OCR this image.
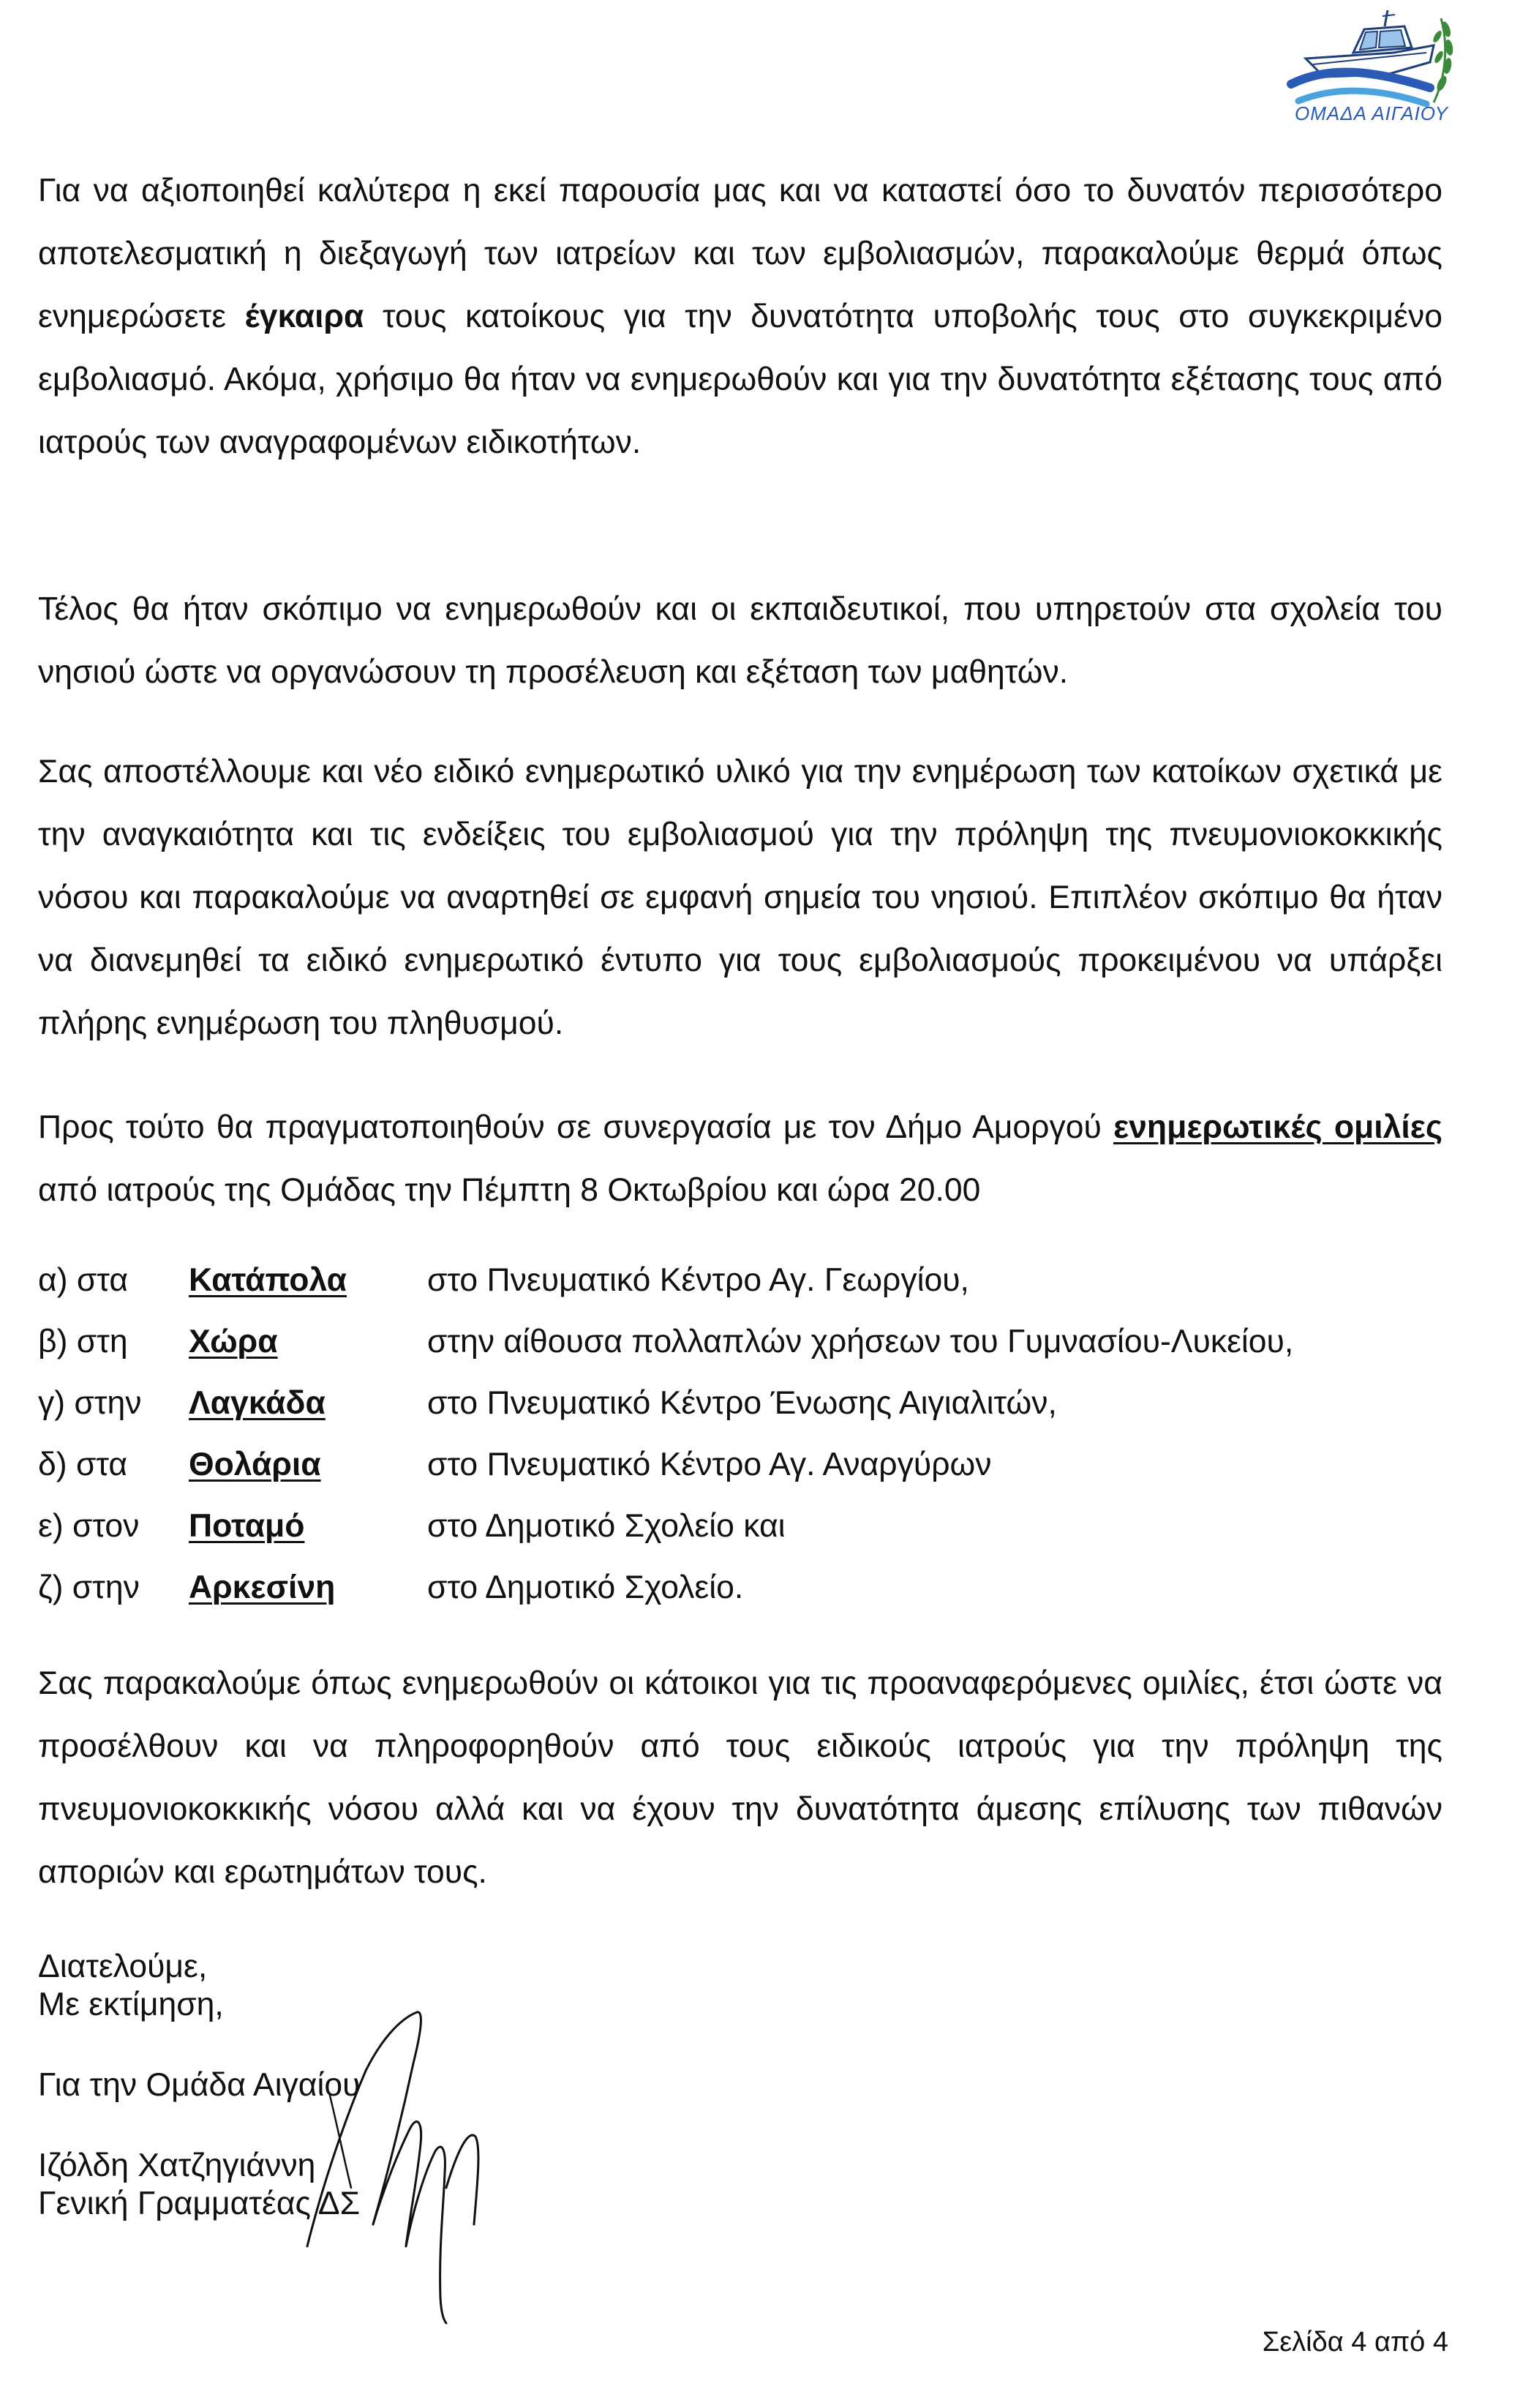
ΟΜΑΔΑ ΑΙΓΑΙΟΥ

Για να αξιοποιηθεί καλύτερα η εκεί παρουσία μας και να καταστεί όσο το δυνατόν περισσότερο αποτελεσματική η διεξαγωγή των ιατρείων και των εμβολιασμών, παρακαλούμε θερμά όπως ενημερώσετε έγκαιρα τους κατοίκους για την δυνατότητα υποβολής τους στο συγκεκριμένο εμβολιασμό. Ακόμα, χρήσιμο θα ήταν να ενημερωθούν και για την δυνατότητα εξέτασης τους από ιατρούς των αναγραφομένων ειδικοτήτων.

Τέλος θα ήταν σκόπιμο να ενημερωθούν και οι εκπαιδευτικοί, που υπηρετούν στα σχολεία του νησιού ώστε να οργανώσουν τη προσέλευση και εξέταση των μαθητών.

Σας αποστέλλουμε και νέο ειδικό ενημερωτικό υλικό για την ενημέρωση των κατοίκων σχετικά με την αναγκαιότητα και τις ενδείξεις του εμβολιασμού για την πρόληψη της πνευμονιοκοκκικής νόσου και παρακαλούμε να αναρτηθεί σε εμφανή σημεία του νησιού. Επιπλέον σκόπιμο θα ήταν να διανεμηθεί τα ειδικό ενημερωτικό έντυπο για τους εμβολιασμούς προκειμένου να υπάρξει πλήρης ενημέρωση του πληθυσμού.

Προς τούτο θα πραγματοποιηθούν σε συνεργασία με τον Δήμο Αμοργού ενημερωτικές ομιλίες από ιατρούς της Ομάδας την Πέμπτη 8 Οκτωβρίου και ώρα 20.00

α) στα Κατάπολα στο Πνευματικό Κέντρο Αγ. Γεωργίου,
β) στη Χώρα	στην αίθουσα πολλαπλών χρήσεων του Γυμνασίου-Λυκείου,
γ) στην Λαγκάδα	στο Πνευματικό Κέντρο Ένωσης Αιγιαλιτών,
δ) στα Θολάρια	στο Πνευματικό Κέντρο Αγ. Αναργύρων
ε) στον Ποταμό	στο Δημοτικό Σχολείο και
ζ) στην Αρκεσίνη	στο Δημοτικό Σχολείο.

Σας παρακαλούμε όπως ενημερωθούν οι κάτοικοι για τις προαναφερόμενες ομιλίες, έτσι ώστε να προσέλθουν και να πληροφορηθούν από τους ειδικούς ιατρούς για την πρόληψη της πνευμονιοκοκκικής νόσου αλλά και να έχουν την δυνατότητα άμεσης επίλυσης των πιθανών αποριών και ερωτημάτων τους.

Διατελούμε,

Με εκτίμηση,

Για την Ομάδα Αιγαίου

Ιζόλδη Χατζηγιάννη

Γενική Γραμματέας ΔΣ

Σελίδα 4 από 4
